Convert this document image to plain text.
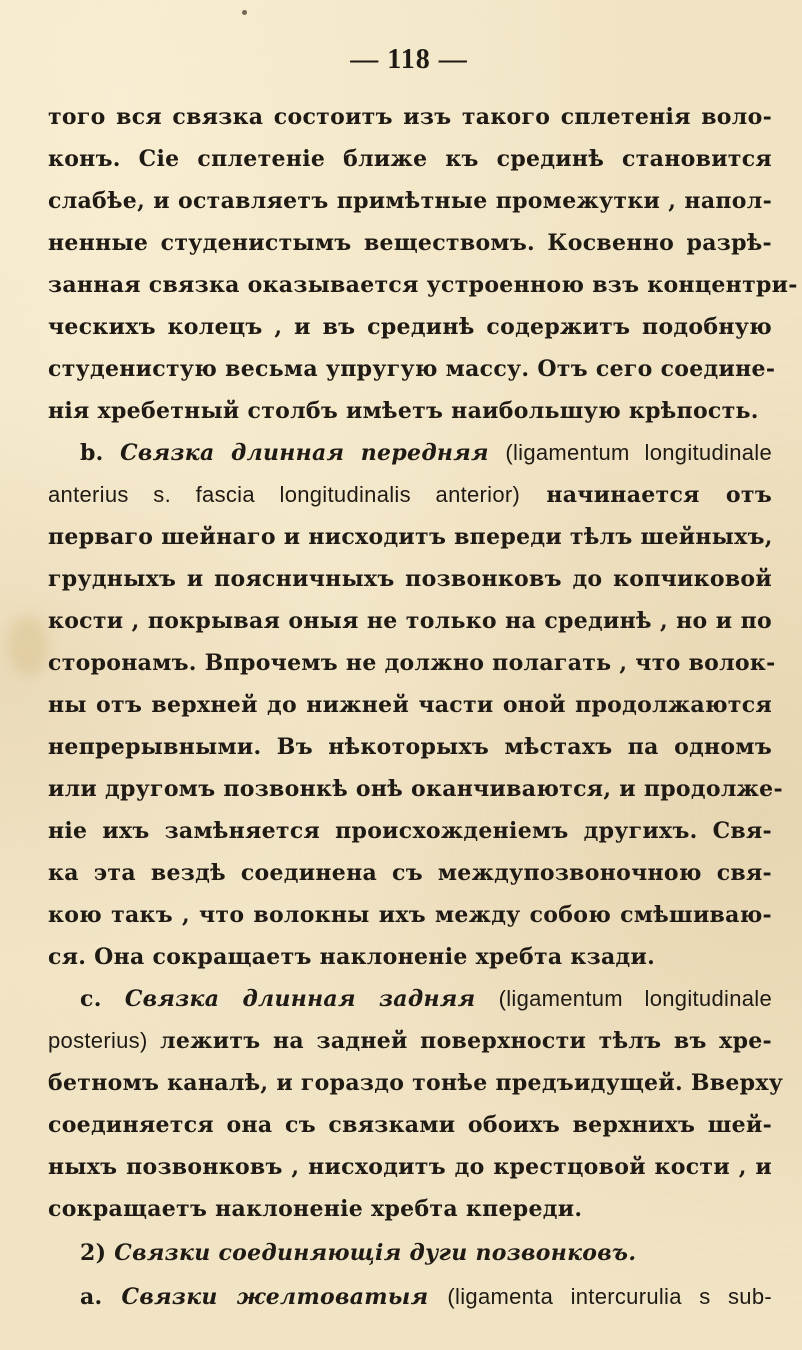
— 118 —
того вся связка состоитъ изъ такого сплетенія воло-
конъ. Сіе сплетеніе ближе къ срединѣ становится
слабѣе, и оставляетъ примѣтные промежутки , напол-
ненные студенистымъ веществомъ. Косвенно разрѣ-
занная связка оказывается устроенною взъ концентри-
ческихъ колецъ , и въ срединѣ содержитъ подобную
студенистую весьма упругую массу. Отъ сего соедине-
нія хребетный столбъ имѣетъ наибольшую крѣпость.
b. Связка длинная передняя (ligamentum longitudinale
anterius s. fascia longitudinalis anterior) начинается отъ
перваго шейнаго и нисходитъ впереди тѣлъ шейныхъ,
грудныхъ и поясничныхъ позвонковъ до копчиковой
кости , покрывая оныя не только на срединѣ , но и по
сторонамъ. Впрочемъ не должно полагать , что волок-
ны отъ верхней до нижней части оной продолжаются
непрерывными. Въ нѣкоторыхъ мѣстахъ па одномъ
или другомъ позвонкѣ онѣ оканчиваются, и продолже-
ніе ихъ замѣняется происхожденіемъ другихъ. Свя-
ка эта вездѣ соединена съ междупозвоночною свя-
кою такъ , что волокны ихъ между собою смѣшиваю-
ся. Она сокращаетъ наклоненіе хребта кзади.
c. Связка длинная задняя (ligamentum longitudinale
posterius) лежитъ на задней поверхности тѣлъ въ хре-
бетномъ каналѣ, и гораздо тонѣе предъидущей. Вверху
соединяется она съ связками обоихъ верхнихъ шей-
ныхъ позвонковъ , нисходитъ до крестцовой кости , и
сокращаетъ наклоненіе хребта кпереди.
2) Связки соединяющія дуги позвонковъ.
a. Связки желтоватыя (ligamenta intercurulia s sub-
